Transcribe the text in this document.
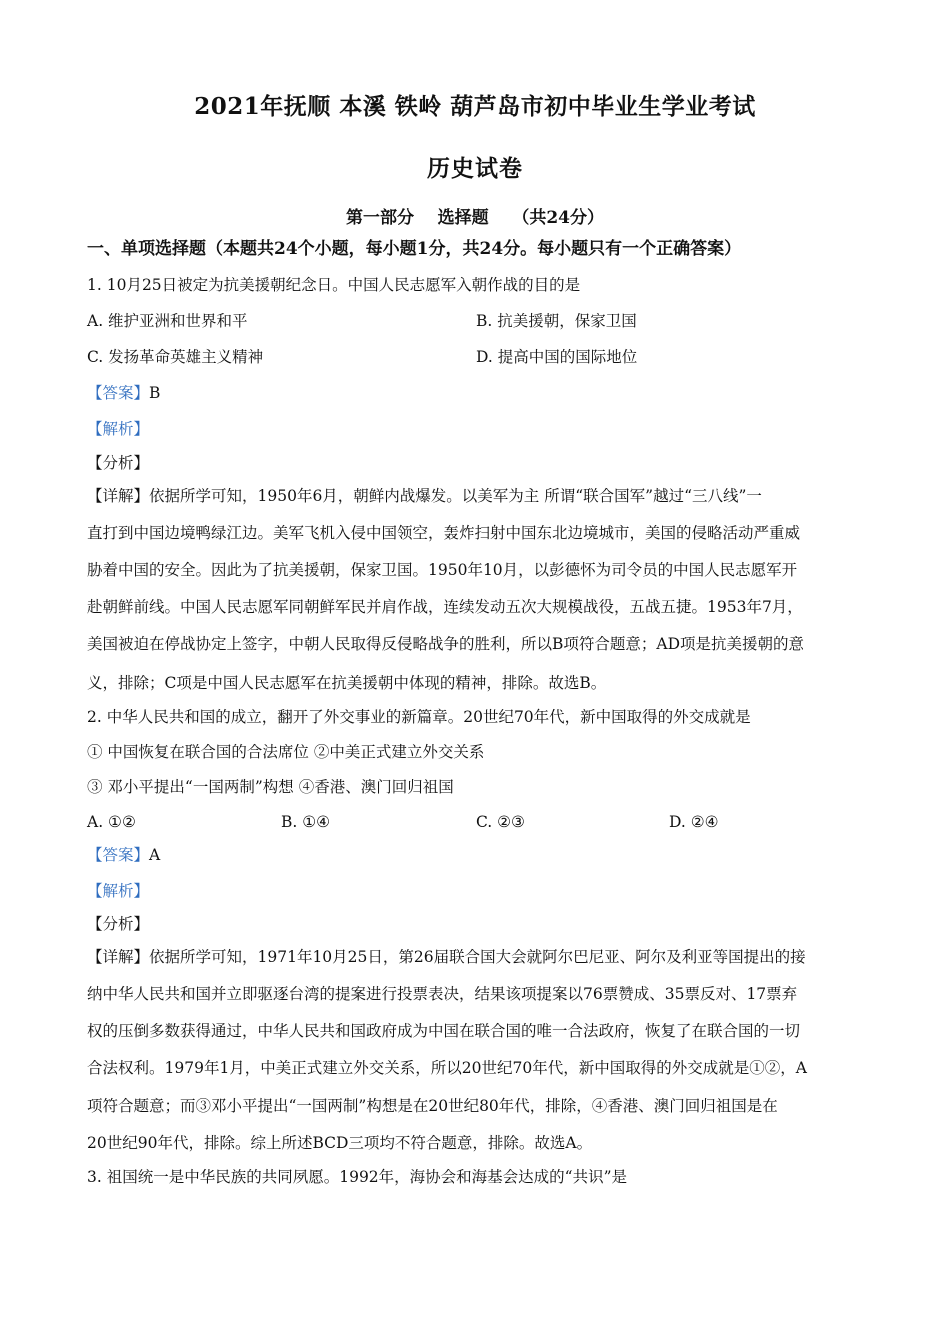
2021年抚顺 本溪 铁岭 葫芦岛市初中毕业生学业考试
历史试卷
第一部分    选择题    （共24分）
一、单项选择题（本题共24个小题，每小题1分，共24分。每小题只有一个正确答案）
1. 10月25日被定为抗美援朝纪念日。中国人民志愿军入朝作战的目的是
A. 维护亚洲和世界和平	B. 抗美援朝，保家卫国
C. 发扬革命英雄主义精神	D. 提高中国的国际地位
【答案】B
【解析】
【分析】
【详解】依据所学可知，1950年6月，朝鲜内战爆发。以美军为主 所谓“联合国军”越过“三八线”一
直打到中国边境鸭绿江边。美军飞机入侵中国领空，轰炸扫射中国东北边境城市，美国的侵略活动严重威
胁着中国的安全。因此为了抗美援朝，保家卫国。1950年10月，以彭德怀为司令员的中国人民志愿军开
赴朝鲜前线。中国人民志愿军同朝鲜军民并肩作战，连续发动五次大规模战役，五战五捷。1953年7月，
美国被迫在停战协定上签字，中朝人民取得反侵略战争的胜利，所以B项符合题意；AD项是抗美援朝的意
义，排除；C项是中国人民志愿军在抗美援朝中体现的精神，排除。故选B。
2. 中华人民共和国的成立，翻开了外交事业的新篇章。20世纪70年代，新中国取得的外交成就是
① 中国恢复在联合国的合法席位 ②中美正式建立外交关系
③ 邓小平提出“一国两制”构想 ④香港、澳门回归祖国
A. ①②	B. ①④	C. ②③	D. ②④
【答案】A
【解析】
【分析】
【详解】依据所学可知，1971年10月25日，第26届联合国大会就阿尔巴尼亚、阿尔及利亚等国提出的接
纳中华人民共和国并立即驱逐台湾的提案进行投票表决，结果该项提案以76票赞成、35票反对、17票弃
权的压倒多数获得通过，中华人民共和国政府成为中国在联合国的唯一合法政府，恢复了在联合国的一切
合法权利。1979年1月，中美正式建立外交关系，所以20世纪70年代，新中国取得的外交成就是①②，A
项符合题意；而③邓小平提出“一国两制”构想是在20世纪80年代，排除，④香港、澳门回归祖国是在
20世纪90年代，排除。综上所述BCD三项均不符合题意，排除。故选A。
3. 祖国统一是中华民族的共同夙愿。1992年，海协会和海基会达成的“共识”是
